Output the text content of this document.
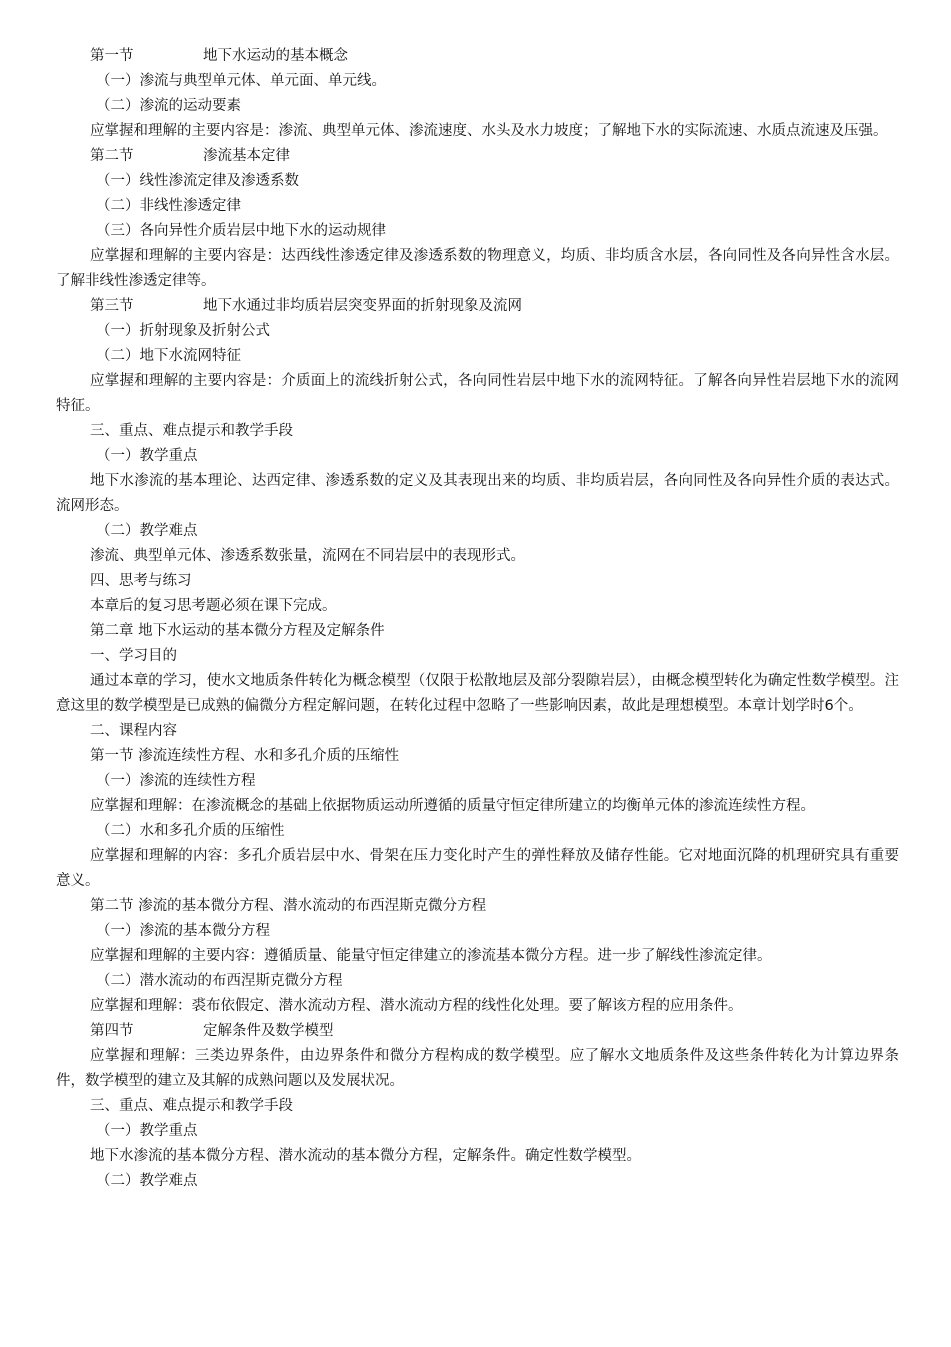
第一节	地下水运动的基本概念

（一）渗流与典型单元体、单元面、单元线。

（二）渗流的运动要素

应掌握和理解的主要内容是：渗流、典型单元体、渗流速度、水头及水力坡度；了解地下水的实际流速、水质点流速及压强。

第二节	渗流基本定律

（一）线性渗流定律及渗透系数

（二）非线性渗透定律

（三）各向异性介质岩层中地下水的运动规律

应掌握和理解的主要内容是：达西线性渗透定律及渗透系数的物理意义，均质、非均质含水层，各向同性及各向异性含水层。了解非线性渗透定律等。

第三节	地下水通过非均质岩层突变界面的折射现象及流网

（一）折射现象及折射公式

（二）地下水流网特征

应掌握和理解的主要内容是：介质面上的流线折射公式，各向同性岩层中地下水的流网特征。了解各向异性岩层地下水的流网特征。

三、重点、难点提示和教学手段

（一）教学重点

地下水渗流的基本理论、达西定律、渗透系数的定义及其表现出来的均质、非均质岩层，各向同性及各向异性介质的表达式。流网形态。

（二）教学难点

渗流、典型单元体、渗透系数张量，流网在不同岩层中的表现形式。

四、思考与练习

本章后的复习思考题必须在课下完成。

第二章 地下水运动的基本微分方程及定解条件

一、学习目的

通过本章的学习，使水文地质条件转化为概念模型（仅限于松散地层及部分裂隙岩层），由概念模型转化为确定性数学模型。注意这里的数学模型是已成熟的偏微分方程定解问题，在转化过程中忽略了一些影响因素，故此是理想模型。本章计划学时6个。

二、课程内容

第一节 渗流连续性方程、水和多孔介质的压缩性

（一）渗流的连续性方程

应掌握和理解：在渗流概念的基础上依据物质运动所遵循的质量守恒定律所建立的均衡单元体的渗流连续性方程。

（二）水和多孔介质的压缩性

应掌握和理解的内容：多孔介质岩层中水、骨架在压力变化时产生的弹性释放及储存性能。它对地面沉降的机理研究具有重要意义。

第二节 渗流的基本微分方程、潜水流动的布西涅斯克微分方程

（一）渗流的基本微分方程

应掌握和理解的主要内容：遵循质量、能量守恒定律建立的渗流基本微分方程。进一步了解线性渗流定律。

（二）潜水流动的布西涅斯克微分方程

应掌握和理解：裘布依假定、潜水流动方程、潜水流动方程的线性化处理。要了解该方程的应用条件。

第四节	定解条件及数学模型

应掌握和理解：三类边界条件，由边界条件和微分方程构成的数学模型。应了解水文地质条件及这些条件转化为计算边界条件，数学模型的建立及其解的成熟问题以及发展状况。

三、重点、难点提示和教学手段

（一）教学重点

地下水渗流的基本微分方程、潜水流动的基本微分方程，定解条件。确定性数学模型。

（二）教学难点
